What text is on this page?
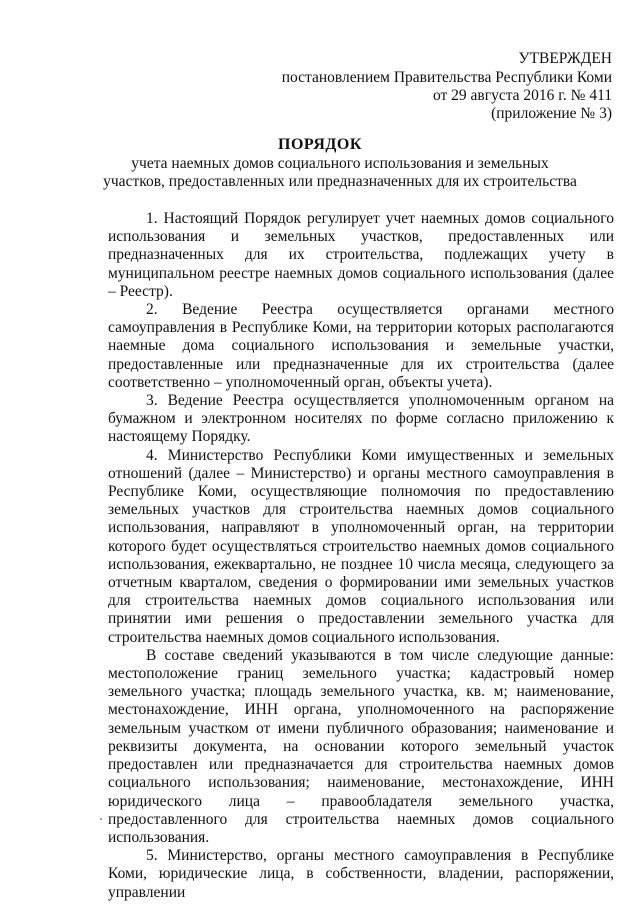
УТВЕРЖДЕН
постановлением Правительства Республики Коми
от 29 августа 2016 г. № 411
(приложение № 3)
ПОРЯДОК
учета наемных домов социального использования и земельных участков, предоставленных или предназначенных для их строительства

1. Настоящий Порядок регулирует учет наемных домов социального использования и земельных участков, предоставленных или предназначенных для их строительства, подлежащих учету в муниципальном реестре наемных домов социального использования (далее – Реестр).

2. Ведение Реестра осуществляется органами местного самоуправления в Республике Коми, на территории которых располагаются наемные дома социального использования и земельные участки, предоставленные или предназначенные для их строительства (далее соответственно – уполномоченный орган, объекты учета).

3. Ведение Реестра осуществляется уполномоченным органом на бумажном и электронном носителях по форме согласно приложению к настоящему Порядку.

4. Министерство Республики Коми имущественных и земельных отношений (далее – Министерство) и органы местного самоуправления в Республике Коми, осуществляющие полномочия по предоставлению земельных участков для строительства наемных домов социального использования, направляют в уполномоченный орган, на территории которого будет осуществляться строительство наемных домов социального использования, ежеквартально, не позднее 10 числа месяца, следующего за отчетным кварталом, сведения о формировании ими земельных участков для строительства наемных домов социального использования или принятии ими решения о предоставлении земельного участка для строительства наемных домов социального использования.

В составе сведений указываются в том числе следующие данные: местоположение границ земельного участка; кадастровый номер земельного участка; площадь земельного участка, кв. м; наименование, местонахождение, ИНН органа, уполномоченного на распоряжение земельным участком от имени публичного образования; наименование и реквизиты документа, на основании которого земельный участок предоставлен или предназначается для строительства наемных домов социального использования; наименование, местонахождение, ИНН юридического лица – правообладателя земельного участка, предоставленного для строительства наемных домов социального использования.

5. Министерство, органы местного самоуправления в Республике Коми, юридические лица, в собственности, владении, распоряжении, управлении
